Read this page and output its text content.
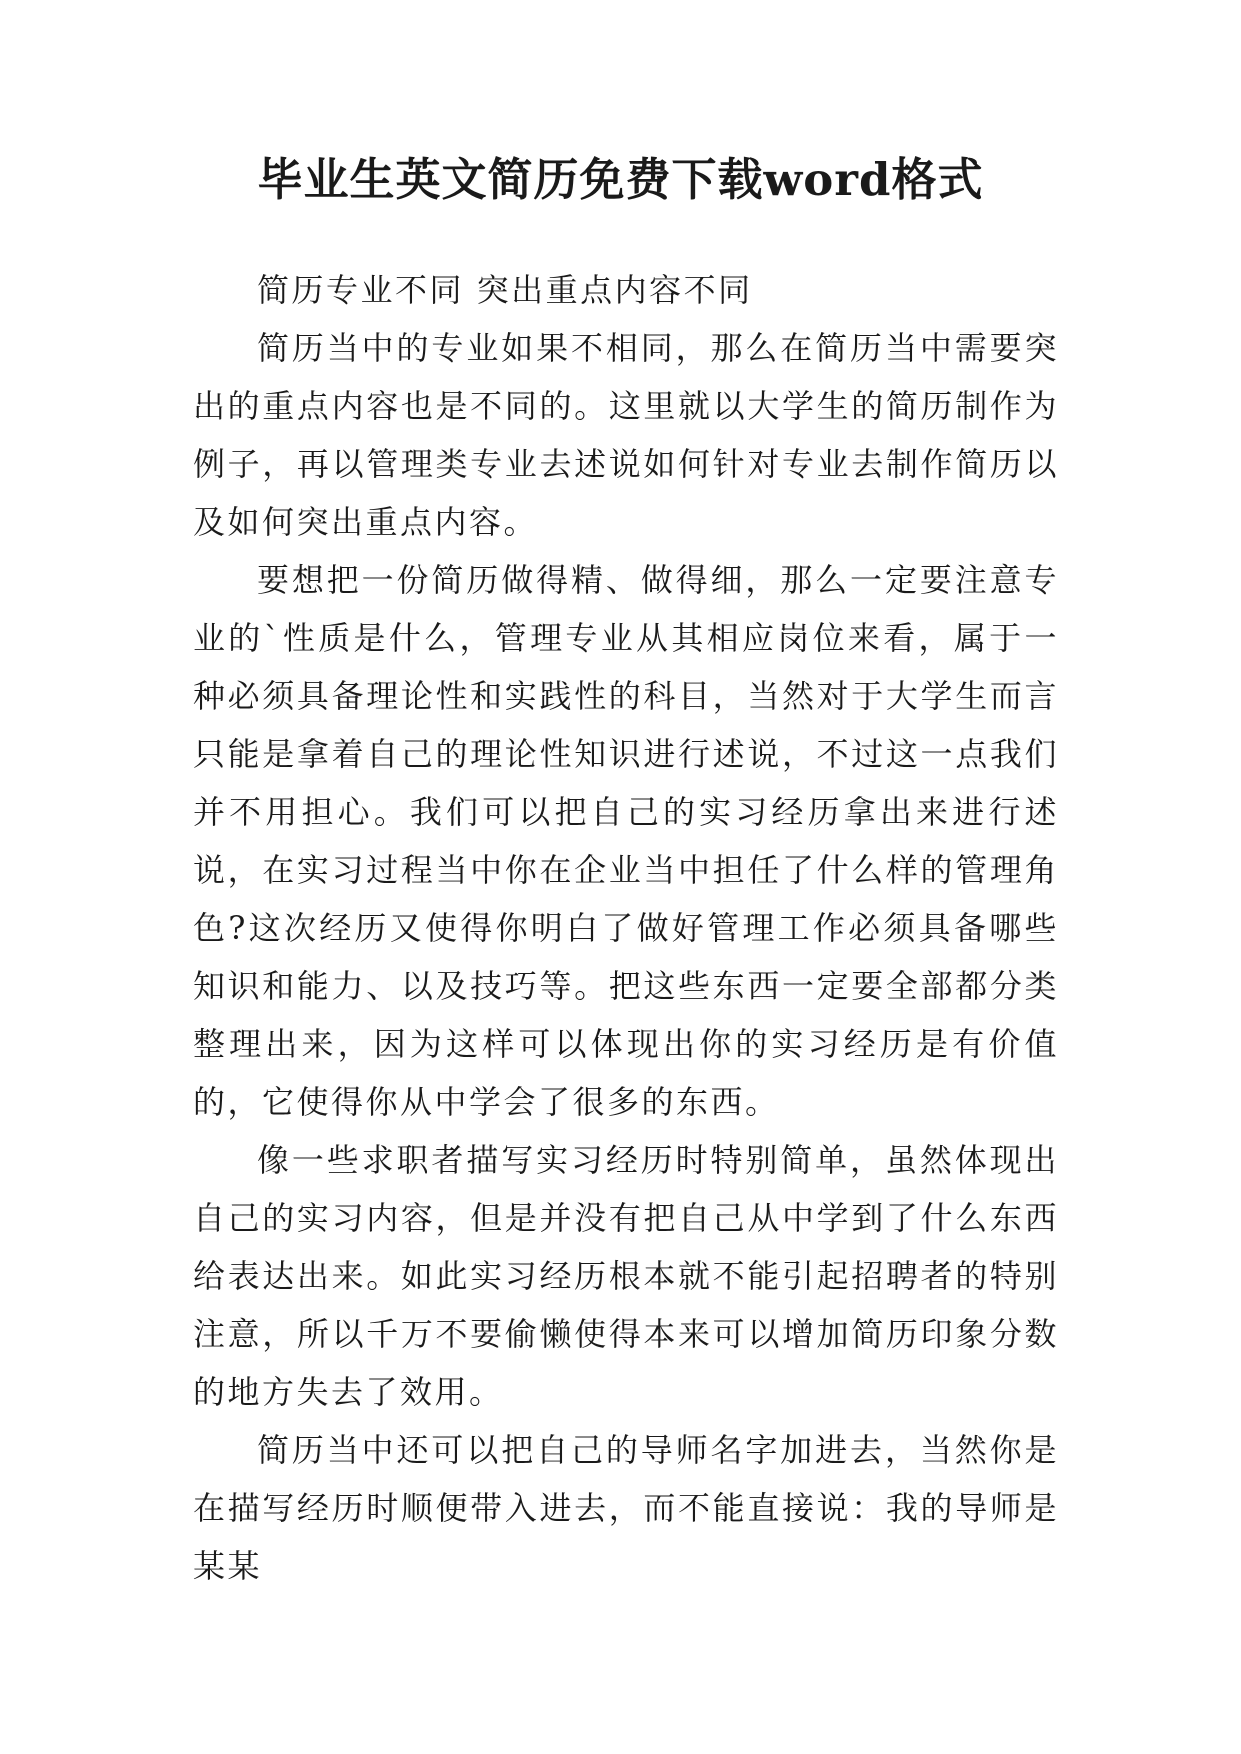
毕业生英文简历免费下载word格式

简历专业不同 突出重点内容不同

简历当中的专业如果不相同，那么在简历当中需要突出的重点内容也是不同的。这里就以大学生的简历制作为例子，再以管理类专业去述说如何针对专业去制作简历以及如何突出重点内容。

要想把一份简历做得精、做得细，那么一定要注意专业的`性质是什么，管理专业从其相应岗位来看，属于一种必须具备理论性和实践性的科目，当然对于大学生而言只能是拿着自己的理论性知识进行述说，不过这一点我们并不用担心。我们可以把自己的实习经历拿出来进行述说，在实习过程当中你在企业当中担任了什么样的管理角色?这次经历又使得你明白了做好管理工作必须具备哪些知识和能力、以及技巧等。把这些东西一定要全部都分类整理出来，因为这样可以体现出你的实习经历是有价值的，它使得你从中学会了很多的东西。

像一些求职者描写实习经历时特别简单，虽然体现出自己的实习内容，但是并没有把自己从中学到了什么东西给表达出来。如此实习经历根本就不能引起招聘者的特别注意，所以千万不要偷懒使得本来可以增加简历印象分数的地方失去了效用。

简历当中还可以把自己的导师名字加进去，当然你是在描写经历时顺便带入进去，而不能直接说：我的导师是某某
